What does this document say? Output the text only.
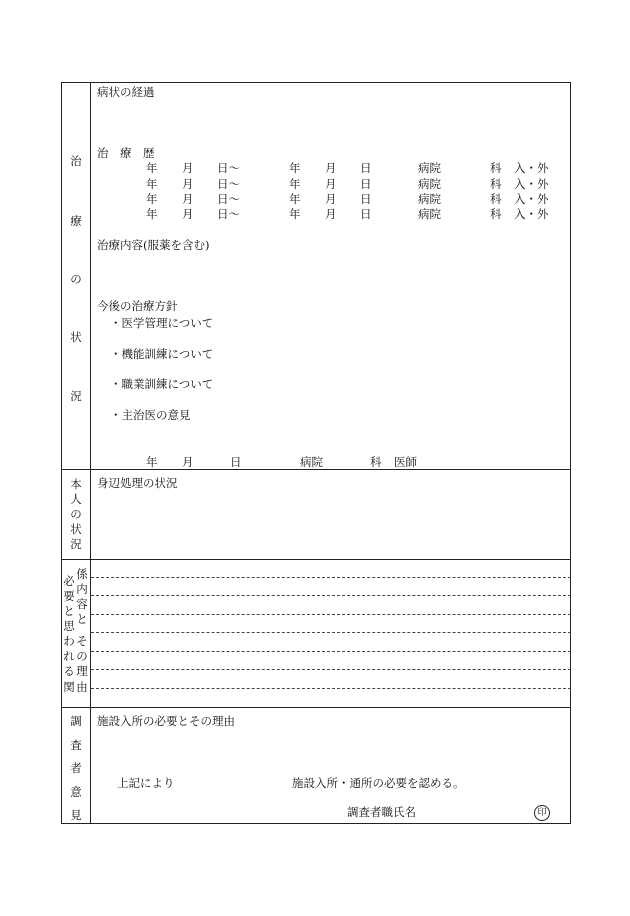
治
療
の
状
況
病状の経過
治　療　歴
年 月 日〜	年 月 日	病院	科 入・外
年 月 日〜	年 月 日	病院	科 入・外
年 月 日〜	年 月 日	病院	科 入・外
年 月 日〜	年 月 日	病院	科 入・外
治療内容(服薬を含む)
今後の治療方針
・医学管理について
・機能訓練について
・職業訓練について
・主治医の意見
年 月	日	病院	科 医師
本
人
の
状
況
身辺処理の状況
必
要
と
思
わ
れ
る
関
係
内
容
と
そ
の
理
由
調
査
者
意
見
施設入所の必要とその理由
上記により	施設入所・通所の必要を認める。
調査者職氏名	印
